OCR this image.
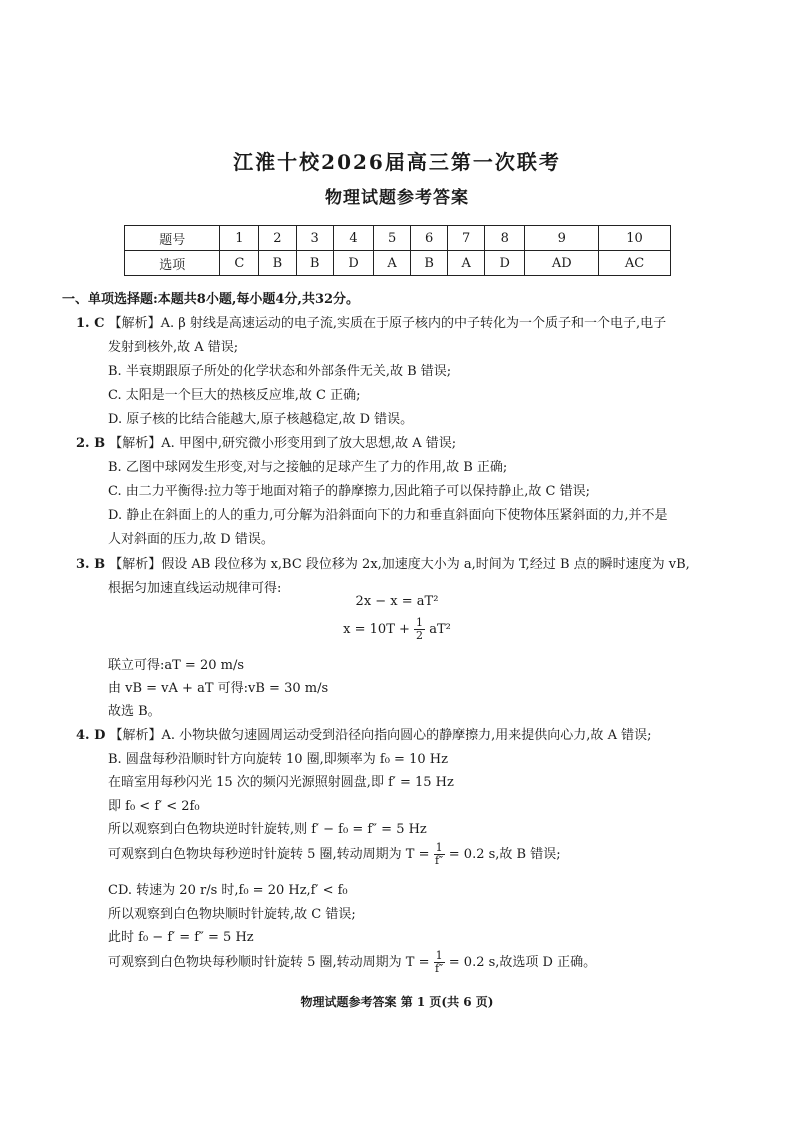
江淮十校2026届高三第一次联考
物理试题参考答案
题号	1	2	3	4	5	6	7	8	9	10
选项	C	B	B	D	A	B	A	D	AD	AC
一、单项选择题:本题共8小题,每小题4分,共32分。
1. C 【解析】A. β 射线是高速运动的电子流,实质在于原子核内的中子转化为一个质子和一个电子,电子
发射到核外,故 A 错误;
B. 半衰期跟原子所处的化学状态和外部条件无关,故 B 错误;
C. 太阳是一个巨大的热核反应堆,故 C 正确;
D. 原子核的比结合能越大,原子核越稳定,故 D 错误。
2. B 【解析】A. 甲图中,研究微小形变用到了放大思想,故 A 错误;
B. 乙图中球网发生形变,对与之接触的足球产生了力的作用,故 B 正确;
C. 由二力平衡得:拉力等于地面对箱子的静摩擦力,因此箱子可以保持静止,故 C 错误;
D. 静止在斜面上的人的重力,可分解为沿斜面向下的力和垂直斜面向下使物体压紧斜面的力,并不是
人对斜面的压力,故 D 错误。
3. B 【解析】假设 AB 段位移为 x,BC 段位移为 2x,加速度大小为 a,时间为 T,经过 B 点的瞬时速度为 vB,
根据匀加速直线运动规律可得:
2x − x = aT²
$x = 10T + \frac{1}{2} aT^2$
联立可得:aT = 20 m/s
由 vB = vA + aT 可得:vB = 30 m/s
故选 B。
4. D 【解析】A. 小物块做匀速圆周运动受到沿径向指向圆心的静摩擦力,用来提供向心力,故 A 错误;
B. 圆盘每秒沿顺时针方向旋转 10 圈,即频率为 f₀ = 10 Hz
在暗室用每秒闪光 15 次的频闪光源照射圆盘,即 f′ = 15 Hz
即 f₀ < f′ < 2f₀
所以观察到白色物块逆时针旋转,则 f′ − f₀ = f″ = 5 Hz
可观察到白色物块每秒逆时针旋转 5 圈,转动周期为 $T = \frac{1}{f''} = 0.2$ s,故 B 错误;
CD. 转速为 20 r/s 时,f₀ = 20 Hz,f′ < f₀
所以观察到白色物块顺时针旋转,故 C 错误;
此时 f₀ − f′ = f″ = 5 Hz
可观察到白色物块每秒顺时针旋转 5 圈,转动周期为 $T = \frac{1}{f''} = 0.2$ s,故选项 D 正确。
物理试题参考答案 第 1 页(共 6 页)
